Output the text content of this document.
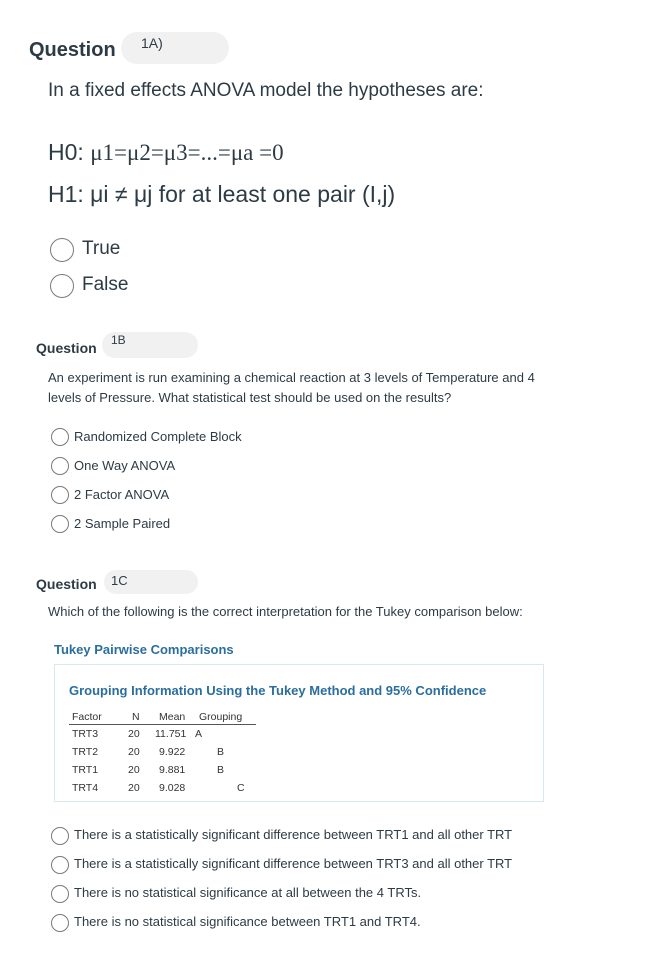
Question 1A)
In a fixed effects ANOVA model the hypotheses are:
H0: μ1=μ2=μ3=...=μa =0
H1: μi ≠ μj for at least one pair (I,j)
True
False
Question 1B
An experiment is run examining a chemical reaction at 3 levels of Temperature and 4
levels of Pressure. What statistical test should be used on the results?
Randomized Complete Block
One Way ANOVA
2 Factor ANOVA
2 Sample Paired
Question 1C
Which of the following is the correct interpretation for the Tukey comparison below:
Tukey Pairwise Comparisons
Grouping Information Using the Tukey Method and 95% Confidence
Factor	N Mean Grouping
TRT3	20 11.751 A
TRT2	20 9.922	B
TRT1	20 9.881	B
TRT4	20 9.028	C
There is a statistically significant difference between TRT1 and all other TRT
There is a statistically significant difference between TRT3 and all other TRT
There is no statistical significance at all between the 4 TRTs.
There is no statistical significance between TRT1 and TRT4.
